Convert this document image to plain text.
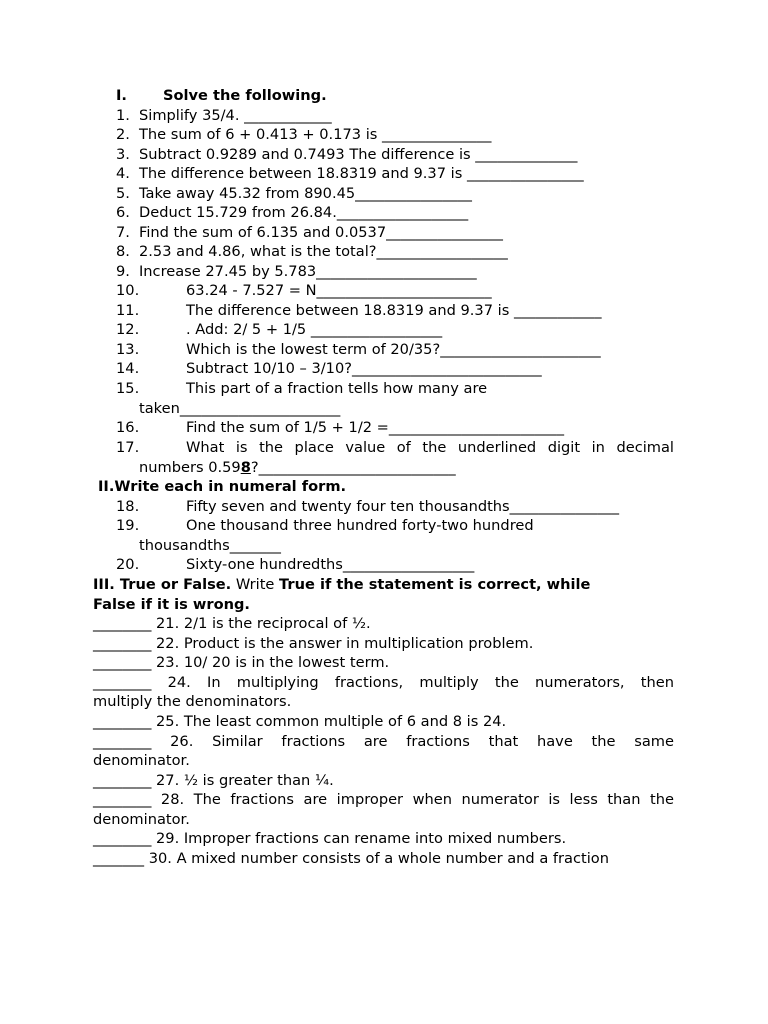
I. Solve the following.
1. Simplify 35/4. ____________
2. The sum of 6 + 0.413 + 0.173 is _______________
3. Subtract 0.9289 and 0.7493 The difference is ______________
4. The difference between 18.8319 and 9.37 is ________________
5. Take away 45.32 from 890.45________________
6. Deduct 15.729 from 26.84.__________________
7. Find the sum of 6.135 and 0.0537________________
8. 2.53 and 4.86, what is the total?__________________
9. Increase 27.45 by 5.783______________________
10.	63.24 - 7.527 = N________________________
11.	The difference between 18.8319 and 9.37 is ____________
12.	. Add: 2/ 5 + 1/5 __________________
13.	Which is the lowest term of 20/35?______________________
14.	Subtract 10/10 – 3/10?__________________________
15.	This part of a fraction tells how many are
taken______________________
16.	Find the sum of 1/5 + 1/2 =________________________
17.	What is the place value of the underlined digit in decimal
numbers 0.598?___________________________
II.Write each in numeral form.
18.	Fifty seven and twenty four ten thousandths_______________
19.	One thousand three hundred forty-two hundred
thousandths_______
20.	Sixty-one hundredths__________________
III. True or False. Write True if the statement is correct, while
False if it is wrong.
________ 21. 2/1 is the reciprocal of ½.
________ 22. Product is the answer in multiplication problem.
________ 23. 10/ 20 is in the lowest term.
________ 24. In multiplying fractions, multiply the numerators, then
multiply the denominators.
________ 25. The least common multiple of 6 and 8 is 24.
________ 26. Similar fractions are fractions that have the same
denominator.
________ 27. ½ is greater than ¼.
________ 28. The fractions are improper when numerator is less than the
denominator.
________ 29. Improper fractions can rename into mixed numbers.
_______ 30. A mixed number consists of a whole number and a fraction
